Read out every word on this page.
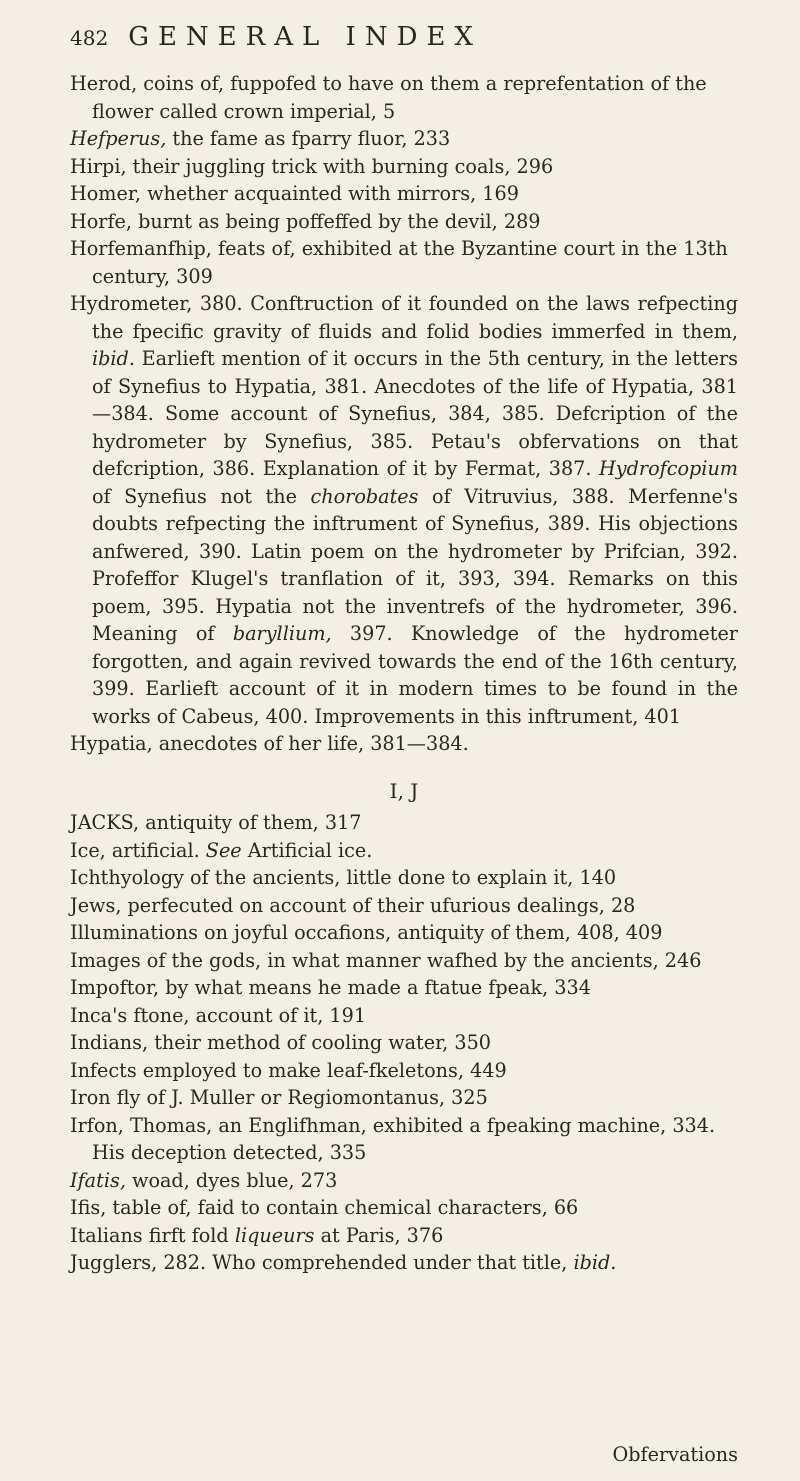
482 GENERAL INDEX
Herod, coins of, fuppofed to have on them a reprefentation of the flower called crown imperial, 5
Hefperus, the fame as fparry fluor, 233
Hirpi, their juggling trick with burning coals, 296
Homer, whether acquainted with mirrors, 169
Horfe, burnt as being poffeffed by the devil, 289
Horfemanfhip, feats of, exhibited at the Byzantine court in the 13th century, 309
Hydrometer, 380. Conftruction of it founded on the laws refpecting the fpecific gravity of fluids and folid bodies immerfed in them, ibid. Earlieft mention of it occurs in the 5th century, in the letters of Synefius to Hypatia, 381. Anecdotes of the life of Hypatia, 381—384. Some account of Synefius, 384, 385. Defcription of the hydrometer by Synefius, 385. Petau's obfervations on that defcription, 386. Explanation of it by Fermat, 387. Hydrofcopium of Synefius not the chorobates of Vitruvius, 388. Merfenne's doubts refpecting the inftrument of Synefius, 389. His objections anfwered, 390. Latin poem on the hydrometer by Prifcian, 392. Profeffor Klugel's tranflation of it, 393, 394. Remarks on this poem, 395. Hypatia not the inventrefs of the hydrometer, 396. Meaning of baryllium, 397. Knowledge of the hydrometer forgotten, and again revived towards the end of the 16th century, 399. Earlieft account of it in modern times to be found in the works of Cabeus, 400. Improvements in this inftrument, 401
Hypatia, anecdotes of her life, 381—384.
I, J
JACKS, antiquity of them, 317
Ice, artificial. See Artificial ice.
Ichthyology of the ancients, little done to explain it, 140
Jews, perfecuted on account of their ufurious dealings, 28
Illuminations on joyful occafions, antiquity of them, 408, 409
Images of the gods, in what manner wafhed by the ancients, 246
Impoftor, by what means he made a ftatue fpeak, 334
Inca's ftone, account of it, 191
Indians, their method of cooling water, 350
Infects employed to make leaf-fkeletons, 449
Iron fly of J. Muller or Regiomontanus, 325
Irfon, Thomas, an Englifhman, exhibited a fpeaking machine, 334. His deception detected, 335
Ifatis, woad, dyes blue, 273
Ifis, table of, faid to contain chemical characters, 66
Italians firft fold liqueurs at Paris, 376
Jugglers, 282. Who comprehended under that title, ibid.
Obfervations
